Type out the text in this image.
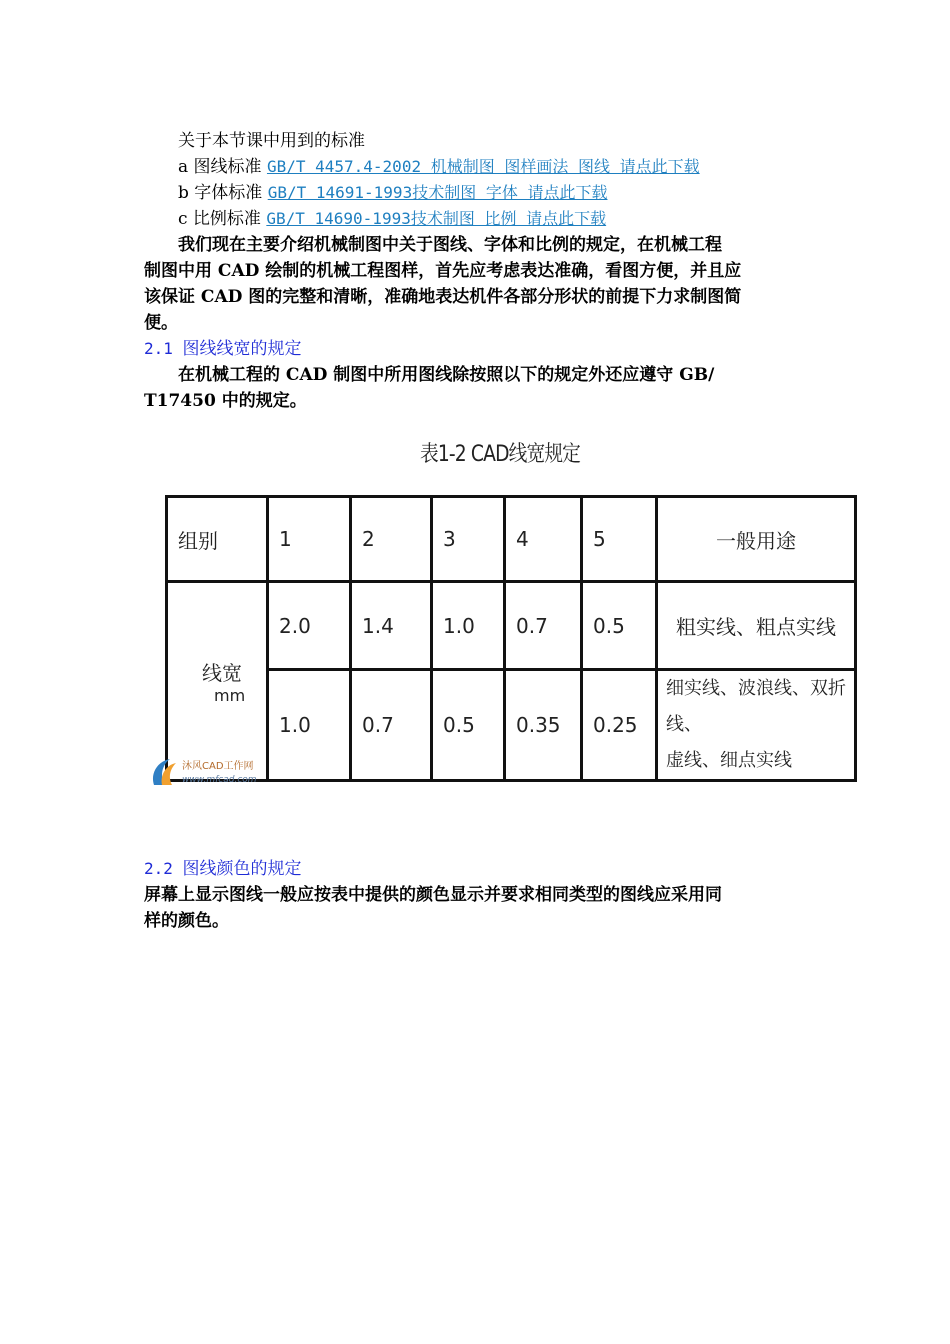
关于本节课中用到的标准
a 图线标准 GB/T 4457.4-2002 机械制图 图样画法 图线 请点此下载
b 字体标准 GB/T 14691-1993技术制图 字体 请点此下载
c 比例标准 GB/T 14690-1993技术制图 比例 请点此下载
我们现在主要介绍机械制图中关于图线、字体和比例的规定，在机械工程
制图中用 CAD 绘制的机械工程图样，首先应考虑表达准确，看图方便，并且应
该保证 CAD 图的完整和清晰，准确地表达机件各部分形状的前提下力求制图简
便。
2.1 图线线宽的规定
在机械工程的 CAD 制图中所用图线除按照以下的规定外还应遵守 GB/
T17450 中的规定。
表1-2 CAD线宽规定
组别	1	2	3	4	5	一般用途

线宽
mm	2.0	1.4	1.0	0.7	0.5	粗实线、粗点实线
	1.0	0.7	0.5	0.35	0.25	细实线、波浪线、双折线、
虚线、细点实线
沐风CAD工作网
www.mfcad.com
2.2 图线颜色的规定
屏幕上显示图线一般应按表中提供的颜色显示并要求相同类型的图线应采用同
样的颜色。
